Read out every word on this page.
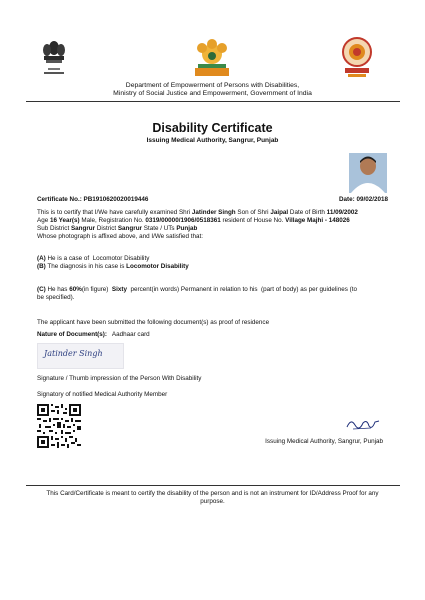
Department of Empowerment of Persons with Disabilities,
Ministry of Social Justice and Empowerment, Government of India
Disability Certificate
Issuing Medical Authority, Sangrur, Punjab
Certificate No.: PB1910620020019446	Date: 09/02/2018
This is to certify that I/We have carefully examined Shri Jatinder Singh Son of Shri Jaipal Date of Birth 11/09/2002
Age 16 Year(s) Male, Registration No. 0319/00000/1906/0518361 resident of House No. Village Majhi - 148026
Sub District Sangrur District Sangrur State / UTs Punjab
Whose photograph is affixed above, and I/We satisfied that:
(A) He is a case of Locomotor Disability
(B) The diagnosis in his case is Locomotor Disability
(C) He has 60%(in figure) Sixty percent(in words) Permanent in relation to his (part of body) as per guidelines (to
be specified).
The applicant have been submitted the following document(s) as proof of residence
Nature of Document(s): Aadhaar card
Jatinder Singh
Signature / Thumb impression of the Person With Disability
Signatory of notified Medical Authority Member
Issuing Medical Authority, Sangrur, Punjab
This Card/Certificate is meant to certify the disability of the person and is not an instrument for ID/Address Proof for any
purpose.
